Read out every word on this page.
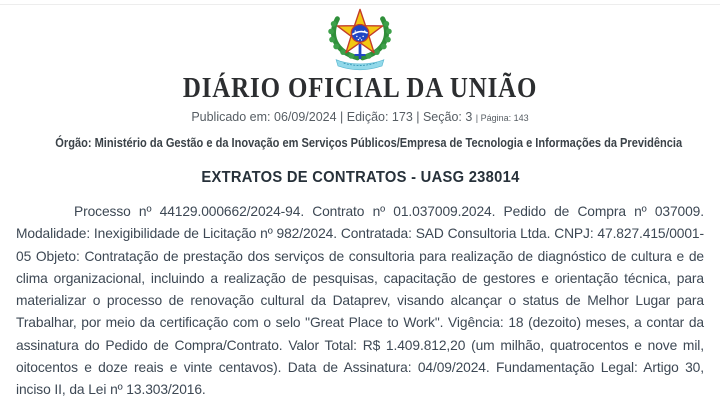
DIÁRIO OFICIAL DA UNIÃO
Publicado em: 06/09/2024 | Edição: 173 | Seção: 3 | Página: 143
Órgão: Ministério da Gestão e da Inovação em Serviços Públicos/Empresa de Tecnologia e Informações da Previdência
EXTRATOS DE CONTRATOS - UASG 238014

Processo nº 44129.000662/2024-94. Contrato nº 01.037009.2024. Pedido de Compra nº 037009. Modalidade: Inexigibilidade de Licitação nº 982/2024. Contratada: SAD Consultoria Ltda. CNPJ: 47.827.415/0001-05 Objeto: Contratação de prestação dos serviços de consultoria para realização de diagnóstico de cultura e de clima organizacional, incluindo a realização de pesquisas, capacitação de gestores e orientação técnica, para materializar o processo de renovação cultural da Dataprev, visando alcançar o status de Melhor Lugar para Trabalhar, por meio da certificação com o selo "Great Place to Work". Vigência: 18 (dezoito) meses, a contar da assinatura do Pedido de Compra/Contrato. Valor Total: R$ 1.409.812,20 (um milhão, quatrocentos e nove mil, oitocentos e doze reais e vinte centavos). Data de Assinatura: 04/09/2024. Fundamentação Legal: Artigo 30, inciso II, da Lei nº 13.303/2016.
